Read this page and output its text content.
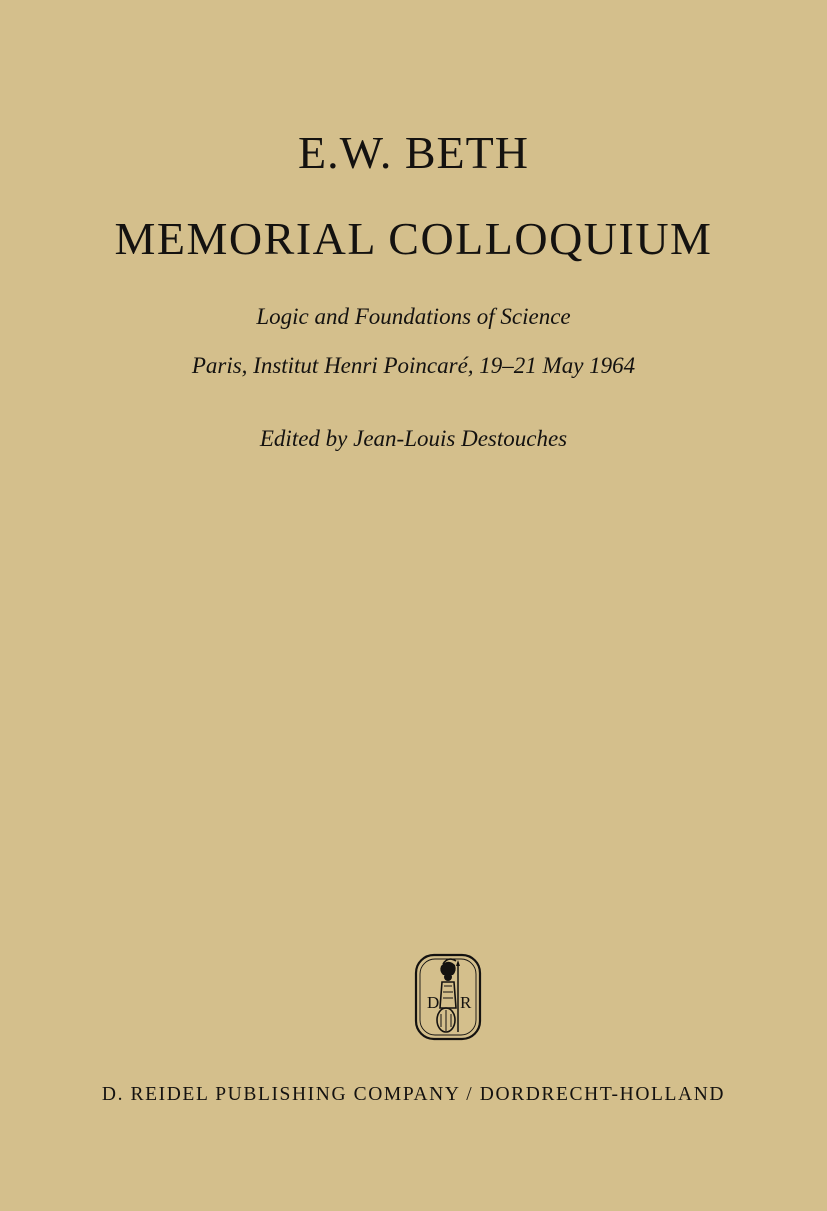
E.W. BETH
MEMORIAL COLLOQUIUM
Logic and Foundations of Science
Paris, Institut Henri Poincaré, 19–21 May 1964
Edited by Jean-Louis Destouches
D R
D. REIDEL PUBLISHING COMPANY / DORDRECHT-HOLLAND
